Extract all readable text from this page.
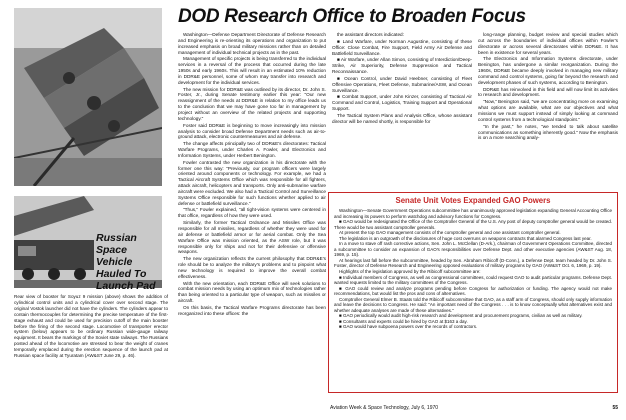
Russian Space Vehicle Hauled To Launch Pad
Rear view of booster for Soyuz 9 mission (above) shows the addition of cylindrical control units and a cylindrical cover over second stage. The original Vostok launcher did not have the cylinders. The cylinders appear to contain thermocouples for determining the precise temperature of the first-stage exhaust and could be used for precision cutoff of the main booster before the firing of the second stage. Locomotive of transporter erector system (below) appears to be ordinary Russian wide-gauge railway equipment. It bears the markings of the Soviet state railways. The Russians posted ahead of the locomotive are stressed to bear the weight of cranes temporarily emplaced during the erection sequence of the launch pad at Russian space facility at Tyuratam (AW&ST June 29, p. 46).
DOD Research Office to Broaden Focus

Washington—Defense Department Directorate of Defense Research and Engineering is re-orienting its operations and organization to put increased emphasis on broad military missions rather than on detailed management of individual technical projects as in the past.

Management of specific projects is being transferred to the individual services in a reversal of the process that occurred during the late 1950s and early 1960s. This will result in an estimated 10% reduction in DDR&E personnel, some of whom may transfer into research and development for the individual services.

The new mission for DDR&E was outlined by its director, Dr. John S. Foster, Jr., during Senate testimony earlier this year: "Our new reassignment of the needs at DDR&E in relation to my office leads us to the conclusion that we may have gone too far in management by project without an overview of the related projects and supporting technology."

Foster said DDR&E is beginning to move increasingly into mission analysis to consider broad Defense Department needs such as air-to-ground attack, electronic countermeasures and air defense.

The change affects principally two of DDR&E's directorates: Tactical Warfare Programs, under Charles A. Fowler, and Electronics and Information Systems, under Herbert Benington.

Fowler contrasted the new organization in his directorate with the former one this way: "Previously, our program officers were largely oriented around components or technology. For example, we had a Tactical Aircraft Systems Office which was responsible for all fighters, attack aircraft, helicopters and transports. Only anti-submarine warfare aircraft were excluded. We also had a Tactical Control and Surveillance Systems Office responsible for such functions whether applied to air defense or battlefield surveillance."

"Thus," Fowler explained, "all tight-vision systems were centered in that office, regardless of how they were used.

Similarly, the former Tactical Ordnance and Missiles Office was responsible for all missiles, regardless of whether they were used for air defense or battlefield armor or for aerial combat. Only the Sea Warfare Office was mission oriented, as the ASW role, but it was responsible only for ships and not for their defensive or offensive weapons.

The new organization reflects the current philosophy that DDR&E's role should be to analyze the military's problems and to pinpoint what new technology is required to improve the overall combat effectiveness.

With the new orientation, each DDR&E Office will seek solutions to combat mission needs by using an optimum mix of technologies rather than being oriented to a particular type of weapon, such as missiles or aircraft.

On this basis, the Tactical Warfare Programs directorate has been reorganized into these offices: the

the assistant directors indicated:

■ Land Warfare, under Norman Augustine, consisting of these Office: Close Combat, Fire Support, Field Army Air Defense and Battlefield Surveillance.

■ Air Warfare, under Allan Simon, consisting of Interdiction/Deep-Strike, Air Superiority, Defense Suppression and Tactical Reconnaissance.

■ Ocean Control, under David Heebner, consisting of Fleet Offensive Operations, Fleet Defense, Submarine/ASW, and Ocean Surveillance.

■ Combat Support, under John Kinzer, consisting of Tactical Air Command and Control, Logistics, Training Support and Operational Support.

The Tactical System Plans and Analysis Office, whose assistant director will be named shortly, is responsible for

long-range planning, budget review and special studies which cut across the boundaries of individual offices within Fowler's directorate or across several directorates within DDR&E. It has been in existence for several years.

The Electronics and Information Systems directorate, under Benington, has undergone a similar reorganization. During the 1960s, DDR&E became deeply involved in managing new military command and control systems, going far beyond the research and development phases of such systems, according to Benington.

DDR&E has reinvolved in this field and will now limit its activities to research and development.

"Now," Benington said, "we are concentrating more on examining what options are available, what are our objectives and what missions we must support instead of simply looking at command control systems from a technological standpoint."

"In the past," he notes, "we tended to talk about satellite communications as something inherently good." Now the emphasis is on a more searching analy-

Senate Unit Votes Expanded GAO Powers

Washington—Senate Government Operations subcommittee has unanimously approved legislation expanding General Accounting Office and increasing its powers to perform watchdog and advisory functions for Congress.

■ GAO would be redesignated the Office of the Comptroller General of the U.S. Any post of deputy comptroller general would be created. There would be two assistant comptroller generals.

At present the top GAO management consists of the comptroller general and one assistant comptroller general.

The legislation is an outgrowth of the disclosures of huge cost overruns on weapons contracts that alarmed Congress last year.

In a move to stave off rash corrective actions, Sen. John L. McClellan (D-Ark.), chairman of Government Operations Committee, directed a subcommittee to consider an expansion of GAO's responsibilities over Defense Dept. and other executive agencies (AW&ST Aug. 18, 1969, p. 15).

At hearings last fall before the subcommittee, headed by Sen. Abraham Ribicoff (D-Conn.), a Defense Dept. team headed by Dr. John S. Foster, director of Defense Research and Engineering opposed evaluations of military programs by GAO (AW&ST Oct. 6, 1969, p. 19).

Highlights of the legislation approved by the Ribicoff subcommittee are:

■ Individual members of Congress, as well as congressional committees, could request GAO to audit particular programs. Defense Dept. wanted requests limited to the military committees of the Congress.

■ GAO could review and analyze programs pending before Congress for authorization or funding. The agency would not make recommendations, but would list the pros and cons of alternatives.

Comptroller General Elmer B. Staats told the Ribicoff subcommittee that GAO, as a staff arm of Congress, should only supply information and leave the decisions to Congress. He said: "An important need of the Congress . . . is to know conceptually what alternatives exist and whether adequate analyses are made of these alternatives."

■ GAO periodically would audit high-risk research and development and procurement programs, civilian as well as military.

■ Consultants and experts could be hired by GAO at $163 a day.

■ GAO would have subpoena powers over the records of contractors.

Aviation Week & Space Technology, July 6, 1970	55
